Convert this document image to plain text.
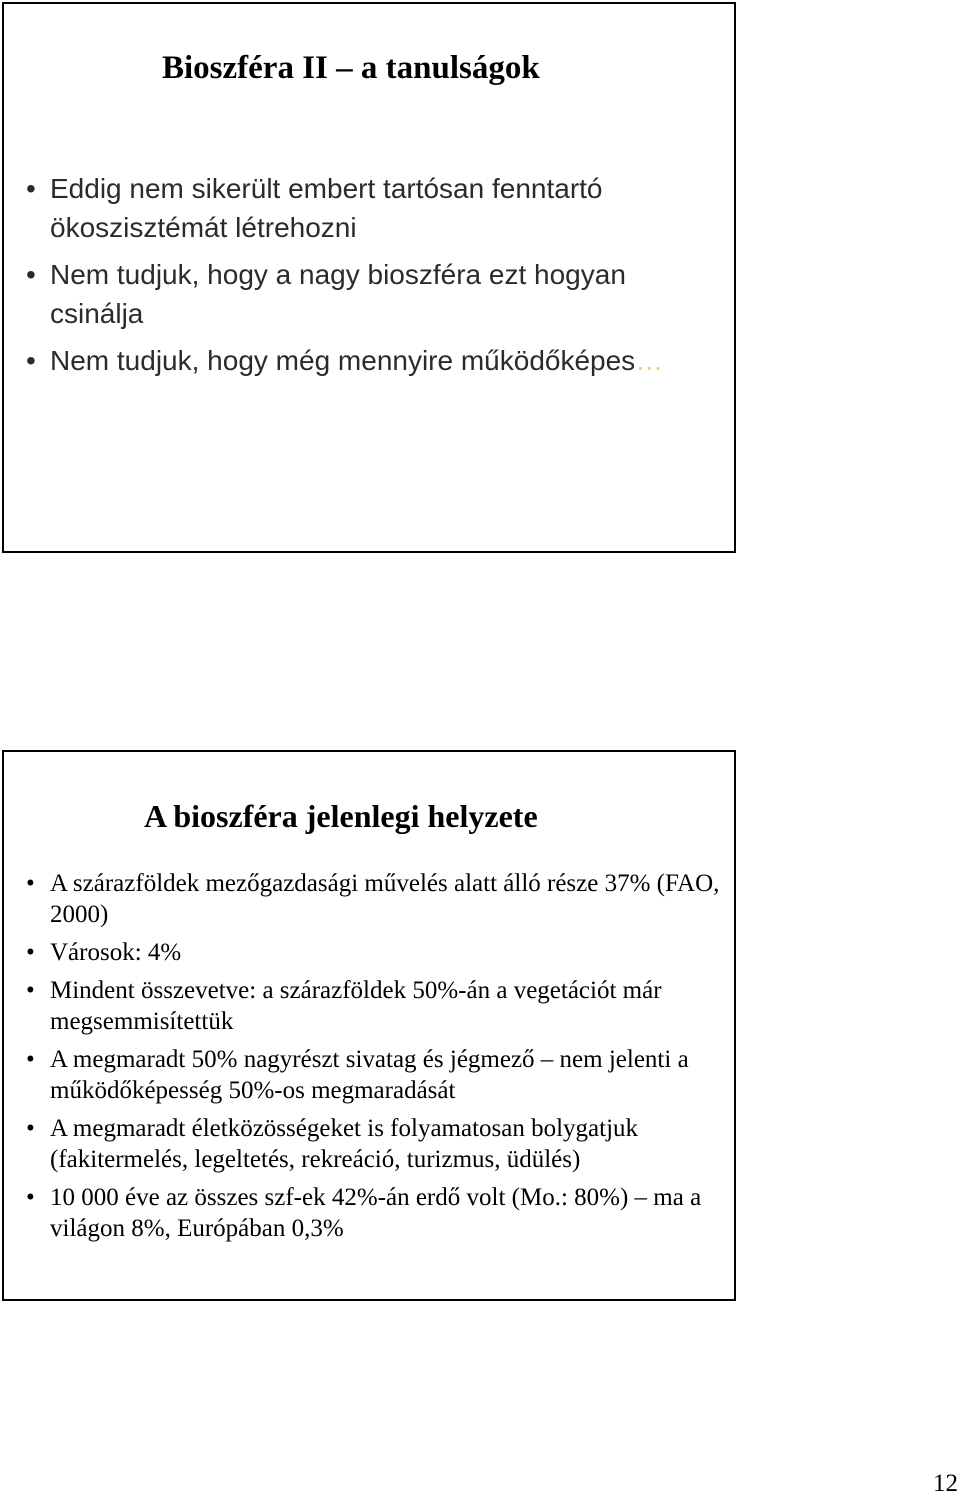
Bioszféra II – a tanulságok
• Eddig nem sikerült embert tartósan fenntartó ökoszisztémát létrehozni
• Nem tudjuk, hogy a nagy bioszféra ezt hogyan csinálja
• Nem tudjuk, hogy még mennyire működőképes…
A bioszféra jelenlegi helyzete
• A szárazföldek mezőgazdasági művelés alatt álló része 37% (FAO, 2000)
• Városok: 4%
• Mindent összevetve: a szárazföldek 50%-án a vegetációt már megsemmisítettük
• A megmaradt 50% nagyrészt sivatag és jégmező – nem jelenti a működőképesség 50%-os megmaradását
• A megmaradt életközösségeket is folyamatosan bolygatjuk (fakitermelés, legeltetés, rekreáció, turizmus, üdülés)
• 10 000 éve az összes szf-ek 42%-án erdő volt (Mo.: 80%) – ma a világon 8%, Európában 0,3%
12
